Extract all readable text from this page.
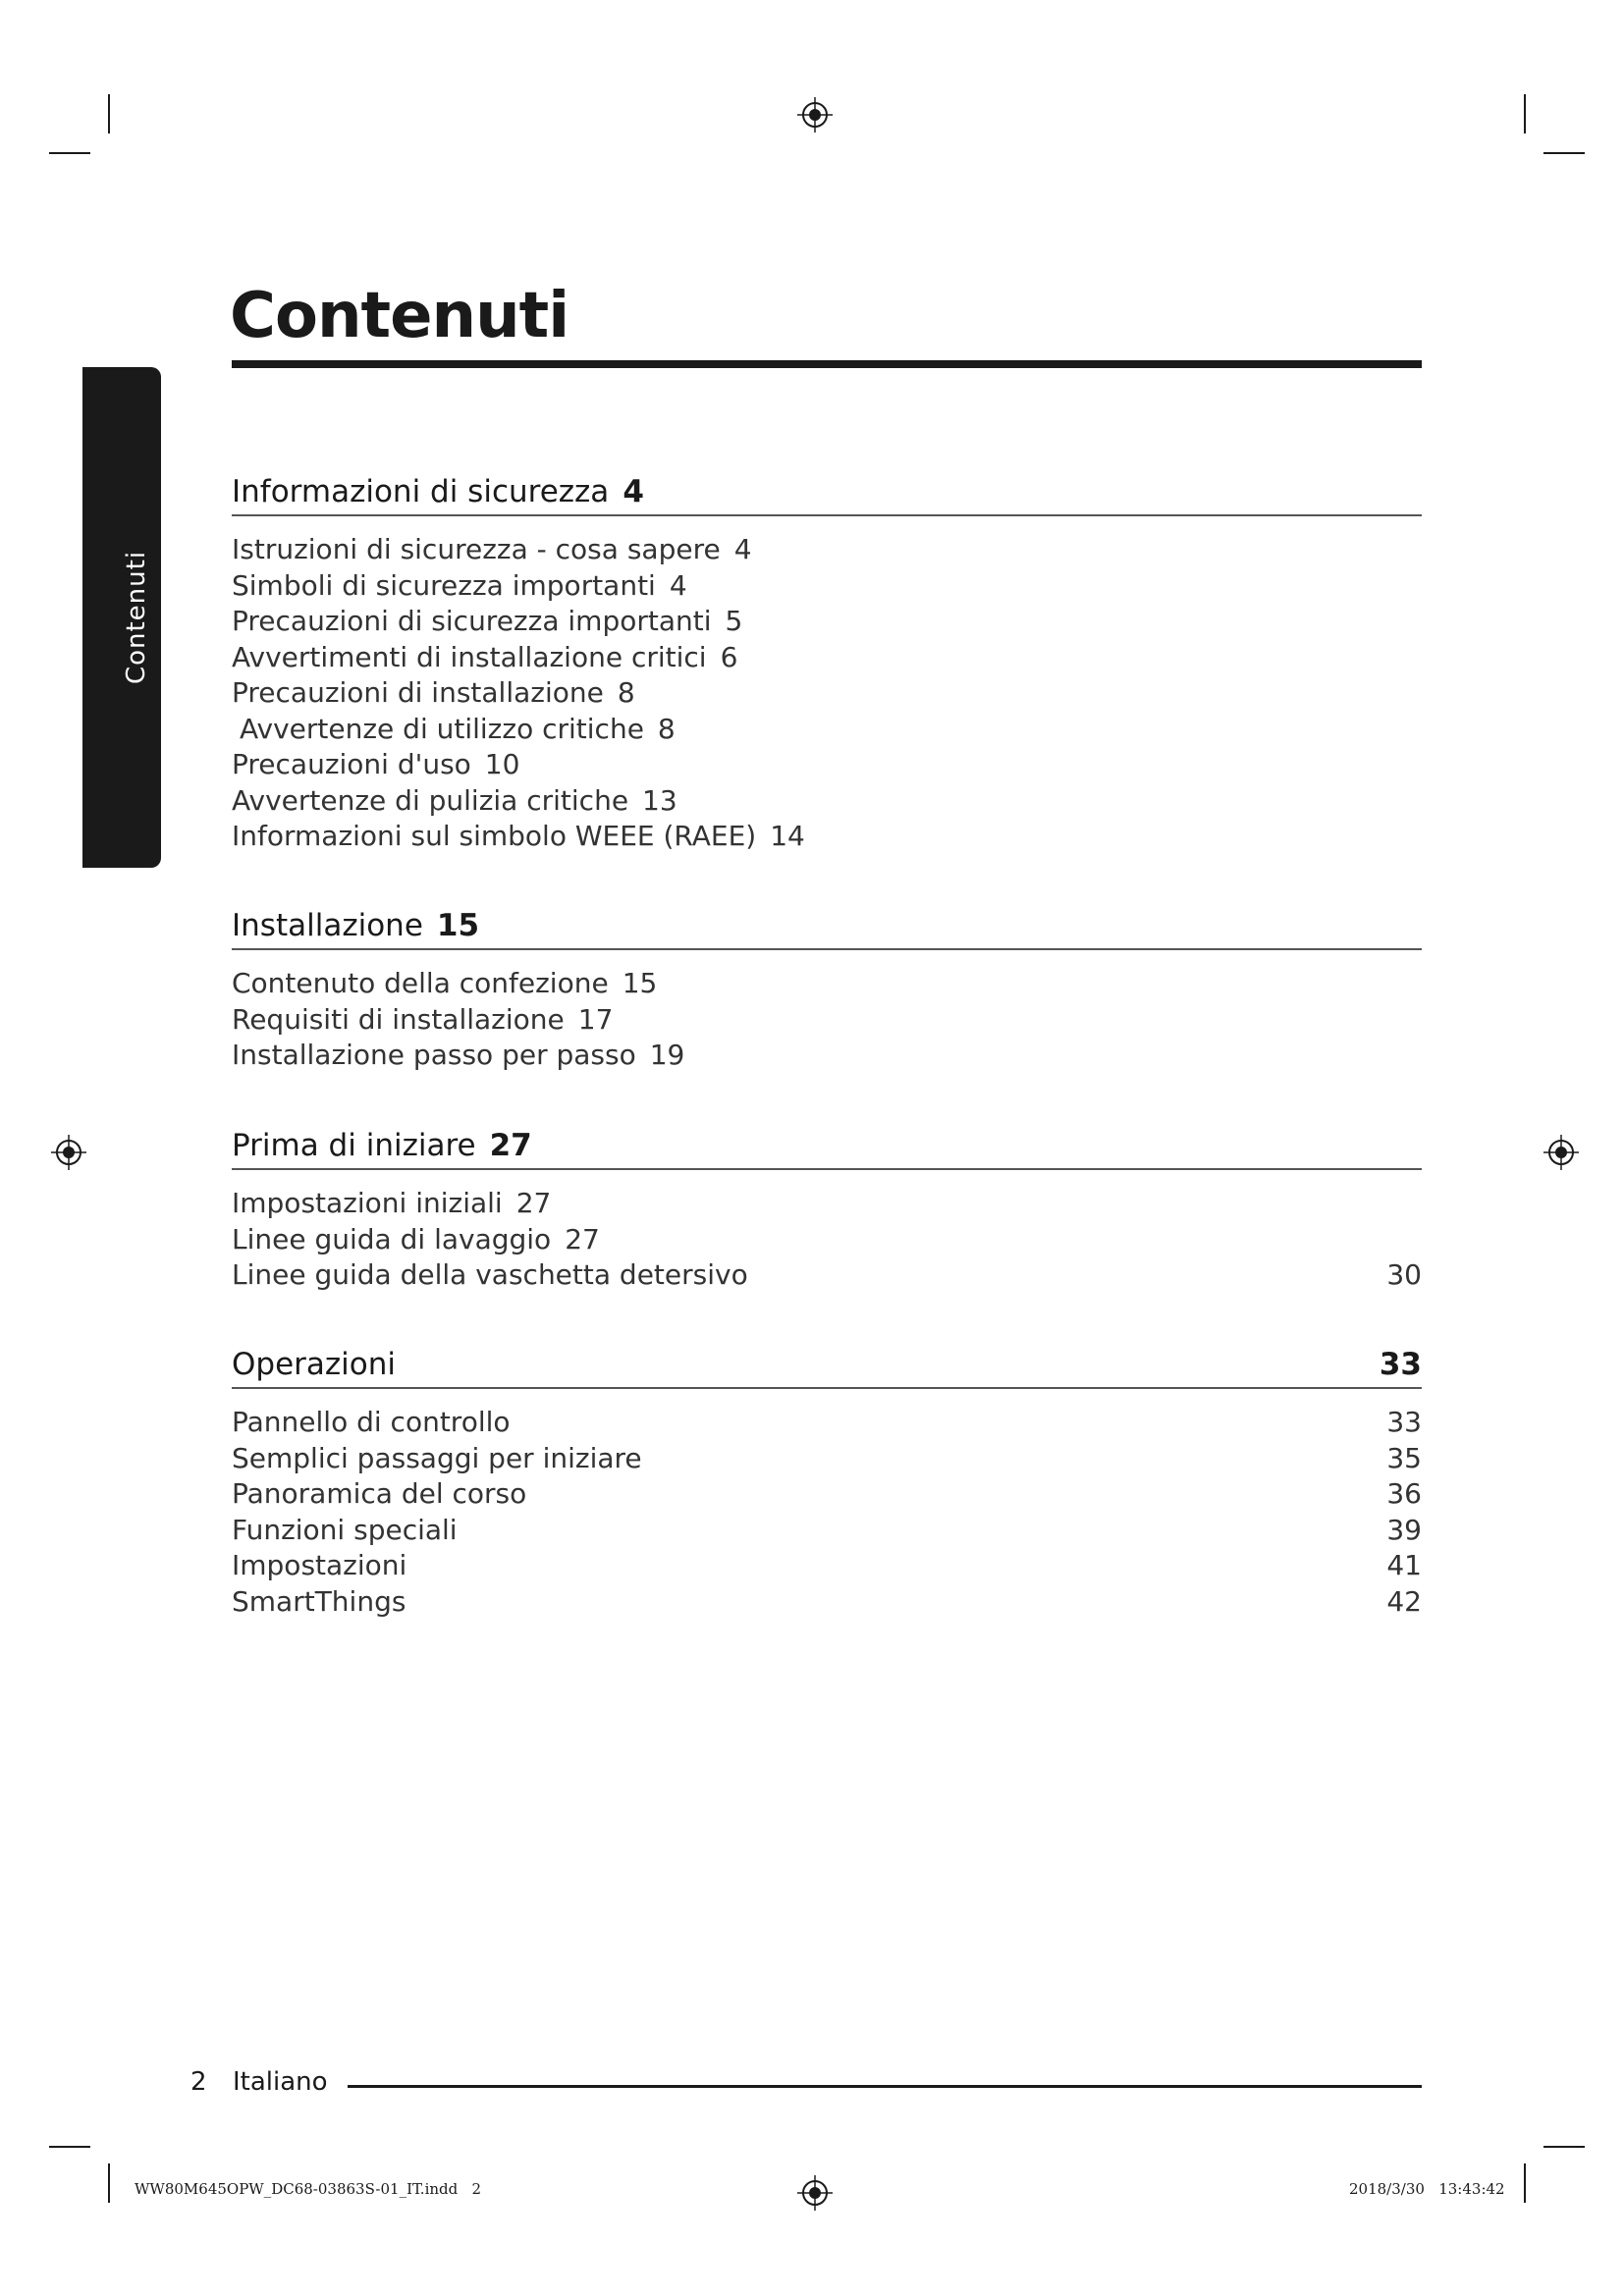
Contenuti
Contenuti
Informazioni di sicurezza 4
Istruzioni di sicurezza - cosa sapere 4
Simboli di sicurezza importanti 4
Precauzioni di sicurezza importanti 5
Avvertimenti di installazione critici 6
Precauzioni di installazione 8
Avvertenze di utilizzo critiche 8
Precauzioni d'uso 10
Avvertenze di pulizia critiche 13
Informazioni sul simbolo WEEE (RAEE) 14
Installazione 15
Contenuto della confezione 15
Requisiti di installazione 17
Installazione passo per passo 19
Prima di iniziare 27
Impostazioni iniziali 27
Linee guida di lavaggio 27
Linee guida della vaschetta detersivo	30
Operazioni	33
Pannello di controllo	33
Semplici passaggi per iniziare	35
Panoramica del corso	36
Funzioni speciali	39
Impostazioni	41
SmartThings	42
2 Italiano
WW80M645OPW_DC68-03863S-01_IT.indd   2	2018/3/30   13:43:42
